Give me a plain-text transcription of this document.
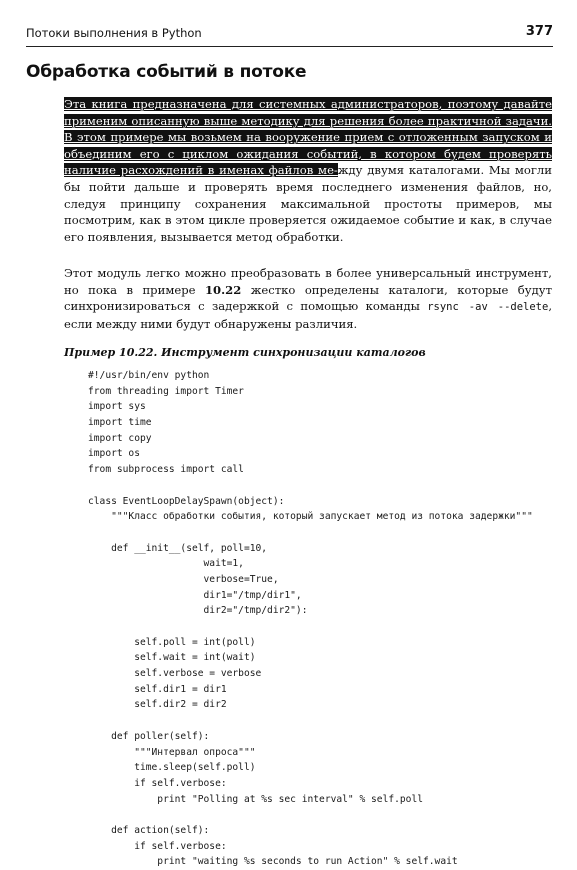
Потоки выполнения в Python	377
Обработка событий в потоке

Эта книга предназначена для системных администраторов, поэтому давайте применим описанную выше методику для решения более практичной задачи. В этом примере мы возьмем на вооружение прием с отложенным запуском и объединим его с циклом ожидания событий, в котором будем проверять наличие расхождений в именах файлов ме-жду двумя каталогами. Мы могли бы пойти дальше и проверять время последнего изменения файлов, но, следуя принципу сохранения максимальной простоты примеров, мы посмотрим, как в этом цикле проверяется ожидаемое событие и как, в случае его появления, вызывается метод обработки.

Этот модуль легко можно преобразовать в более универсальный инструмент, но пока в примере 10.22 жестко определены каталоги, которые будут синхронизироваться с задержкой с помощью команды rsync -av --delete, если между ними будут обнаружены различия.

Пример 10.22. Инструмент синхронизации каталогов

#!/usr/bin/env python
from threading import Timer
import sys
import time
import copy
import os
from subprocess import call
class EventLoopDelaySpawn(object):
"""Класс обработки события, который запускает метод из потока задержки"""
def __init__(self, poll=10,
wait=1,
verbose=True,
dir1="/tmp/dir1",
dir2="/tmp/dir2"):
self.poll = int(poll)
self.wait = int(wait)
self.verbose = verbose
self.dir1 = dir1
self.dir2 = dir2
def poller(self):
"""Интервал опроса"""
time.sleep(self.poll)
if self.verbose:
print "Polling at %s sec interval" % self.poll
def action(self):
if self.verbose:
print "waiting %s seconds to run Action" % self.wait
